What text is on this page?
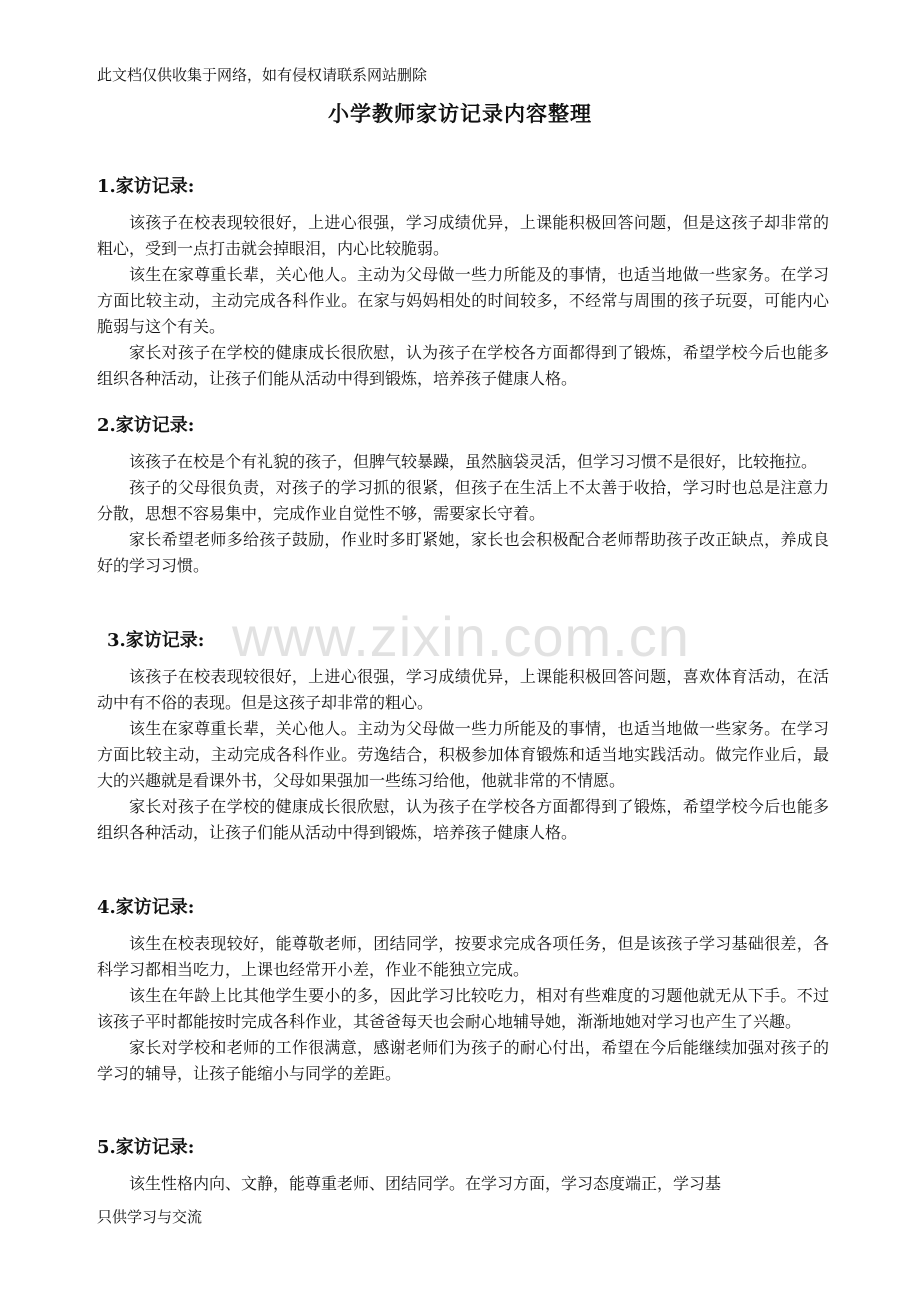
此文档仅供收集于网络，如有侵权请联系网站删除
小学教师家访记录内容整理
www.zixin.com.cn

1.家访记录:

该孩子在校表现较很好，上进心很强，学习成绩优异，上课能积极回答问题，但是这孩子却非常的粗心，受到一点打击就会掉眼泪，内心比较脆弱。

该生在家尊重长辈，关心他人。主动为父母做一些力所能及的事情，也适当地做一些家务。在学习方面比较主动，主动完成各科作业。在家与妈妈相处的时间较多，不经常与周围的孩子玩耍，可能内心脆弱与这个有关。

家长对孩子在学校的健康成长很欣慰，认为孩子在学校各方面都得到了锻炼，希望学校今后也能多组织各种活动，让孩子们能从活动中得到锻炼，培养孩子健康人格。

2.家访记录:

该孩子在校是个有礼貌的孩子，但脾气较暴躁，虽然脑袋灵活，但学习习惯不是很好，比较拖拉。

孩子的父母很负责，对孩子的学习抓的很紧，但孩子在生活上不太善于收拾，学习时也总是注意力分散，思想不容易集中，完成作业自觉性不够，需要家长守着。

家长希望老师多给孩子鼓励，作业时多盯紧她，家长也会积极配合老师帮助孩子改正缺点，养成良好的学习习惯。

3.家访记录:

该孩子在校表现较很好，上进心很强，学习成绩优异，上课能积极回答问题，喜欢体育活动，在活动中有不俗的表现。但是这孩子却非常的粗心。

该生在家尊重长辈，关心他人。主动为父母做一些力所能及的事情，也适当地做一些家务。在学习方面比较主动，主动完成各科作业。劳逸结合，积极参加体育锻炼和适当地实践活动。做完作业后，最大的兴趣就是看课外书，父母如果强加一些练习给他，他就非常的不情愿。

家长对孩子在学校的健康成长很欣慰，认为孩子在学校各方面都得到了锻炼，希望学校今后也能多组织各种活动，让孩子们能从活动中得到锻炼，培养孩子健康人格。

4.家访记录:

该生在校表现较好，能尊敬老师，团结同学，按要求完成各项任务，但是该孩子学习基础很差，各科学习都相当吃力，上课也经常开小差，作业不能独立完成。

该生在年龄上比其他学生要小的多，因此学习比较吃力，相对有些难度的习题他就无从下手。不过该孩子平时都能按时完成各科作业，其爸爸每天也会耐心地辅导她，渐渐地她对学习也产生了兴趣。

家长对学校和老师的工作很满意，感谢老师们为孩子的耐心付出，希望在今后能继续加强对孩子的学习的辅导，让孩子能缩小与同学的差距。

5.家访记录:

该生性格内向、文静，能尊重老师、团结同学。在学习方面，学习态度端正，学习基

只供学习与交流
